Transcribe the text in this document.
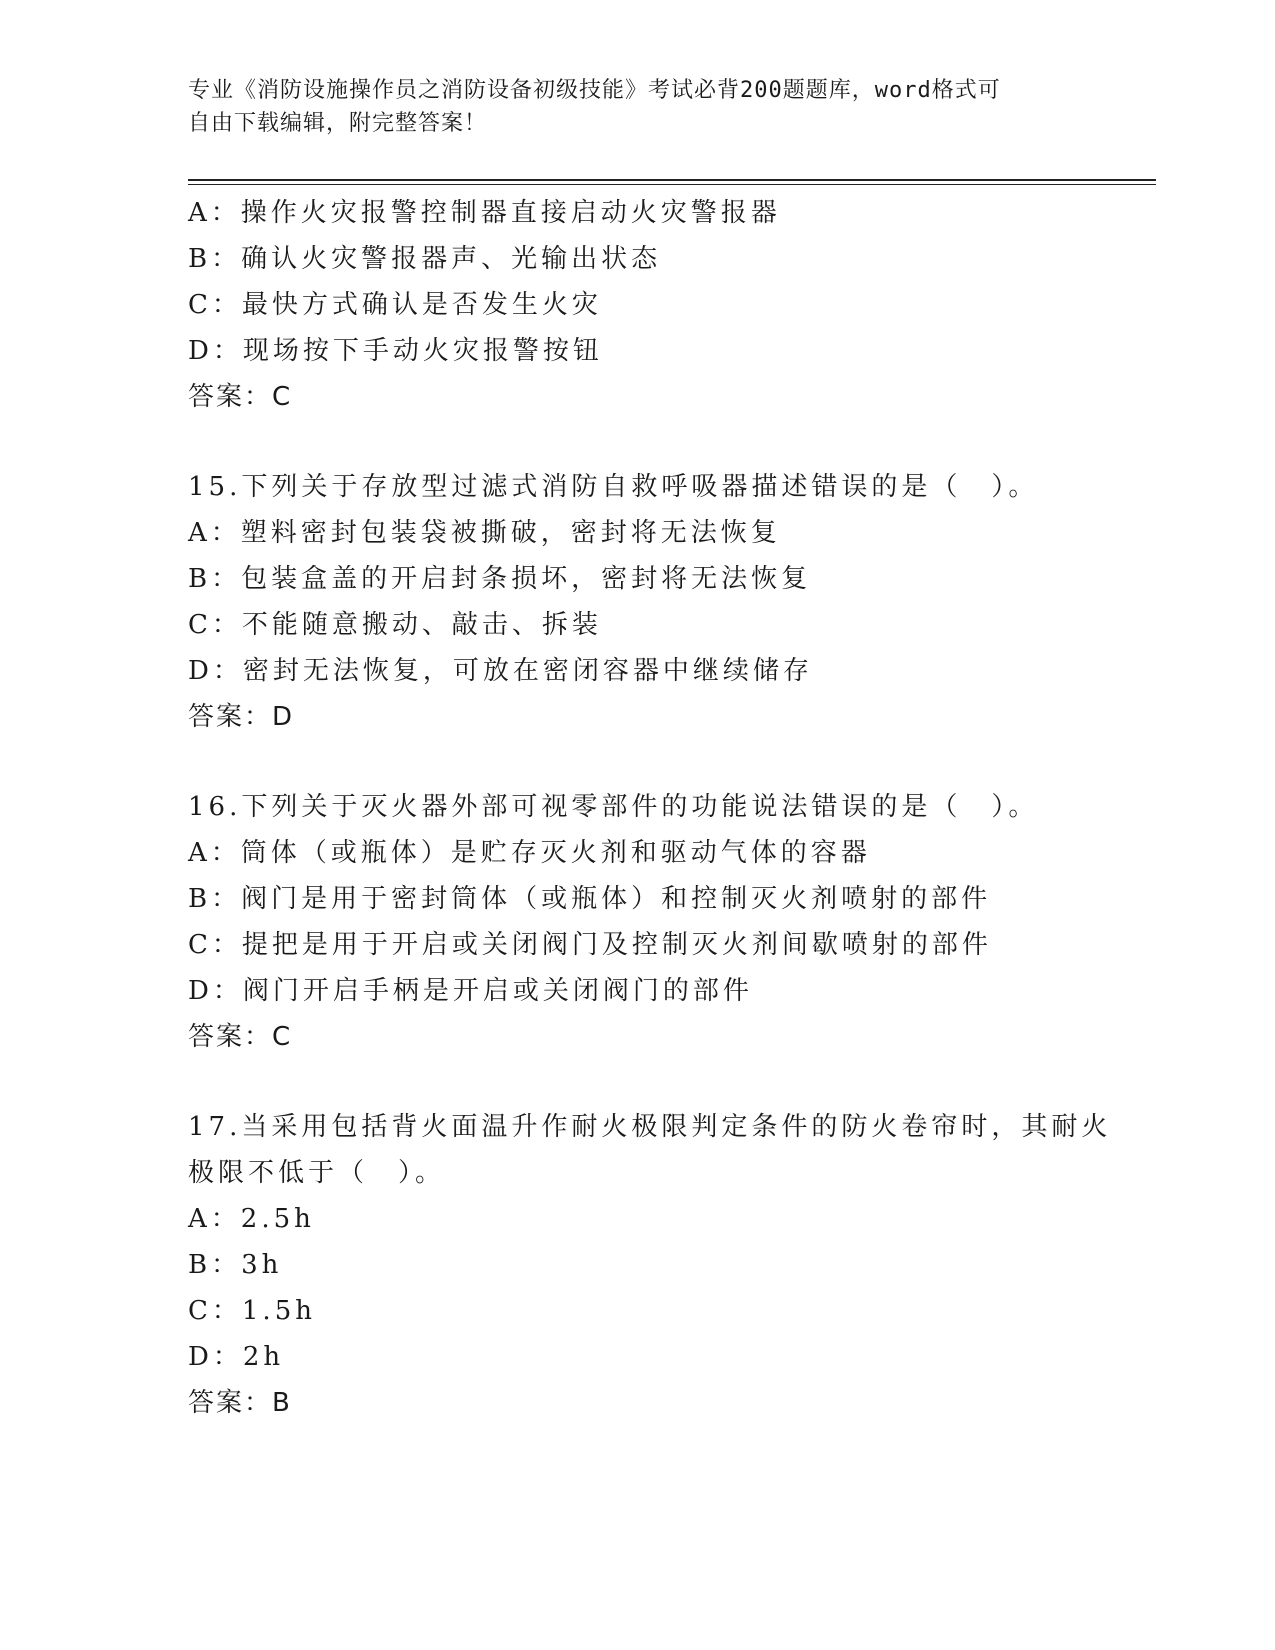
专业《消防设施操作员之消防设备初级技能》考试必背200题题库，word格式可
自由下载编辑，附完整答案！
A：操作火灾报警控制器直接启动火灾警报器
B：确认火灾警报器声、光输出状态
C：最快方式确认是否发生火灾
D：现场按下手动火灾报警按钮
答案：C
15.下列关于存放型过滤式消防自救呼吸器描述错误的是（　）。
A：塑料密封包装袋被撕破，密封将无法恢复
B：包装盒盖的开启封条损坏，密封将无法恢复
C：不能随意搬动、敲击、拆装
D：密封无法恢复，可放在密闭容器中继续储存
答案：D
16.下列关于灭火器外部可视零部件的功能说法错误的是（　）。
A：筒体（或瓶体）是贮存灭火剂和驱动气体的容器
B：阀门是用于密封筒体（或瓶体）和控制灭火剂喷射的部件
C：提把是用于开启或关闭阀门及控制灭火剂间歇喷射的部件
D：阀门开启手柄是开启或关闭阀门的部件
答案：C
17.当采用包括背火面温升作耐火极限判定条件的防火卷帘时，其耐火
极限不低于（　）。
A：2.5h
B：3h
C：1.5h
D：2h
答案：B
